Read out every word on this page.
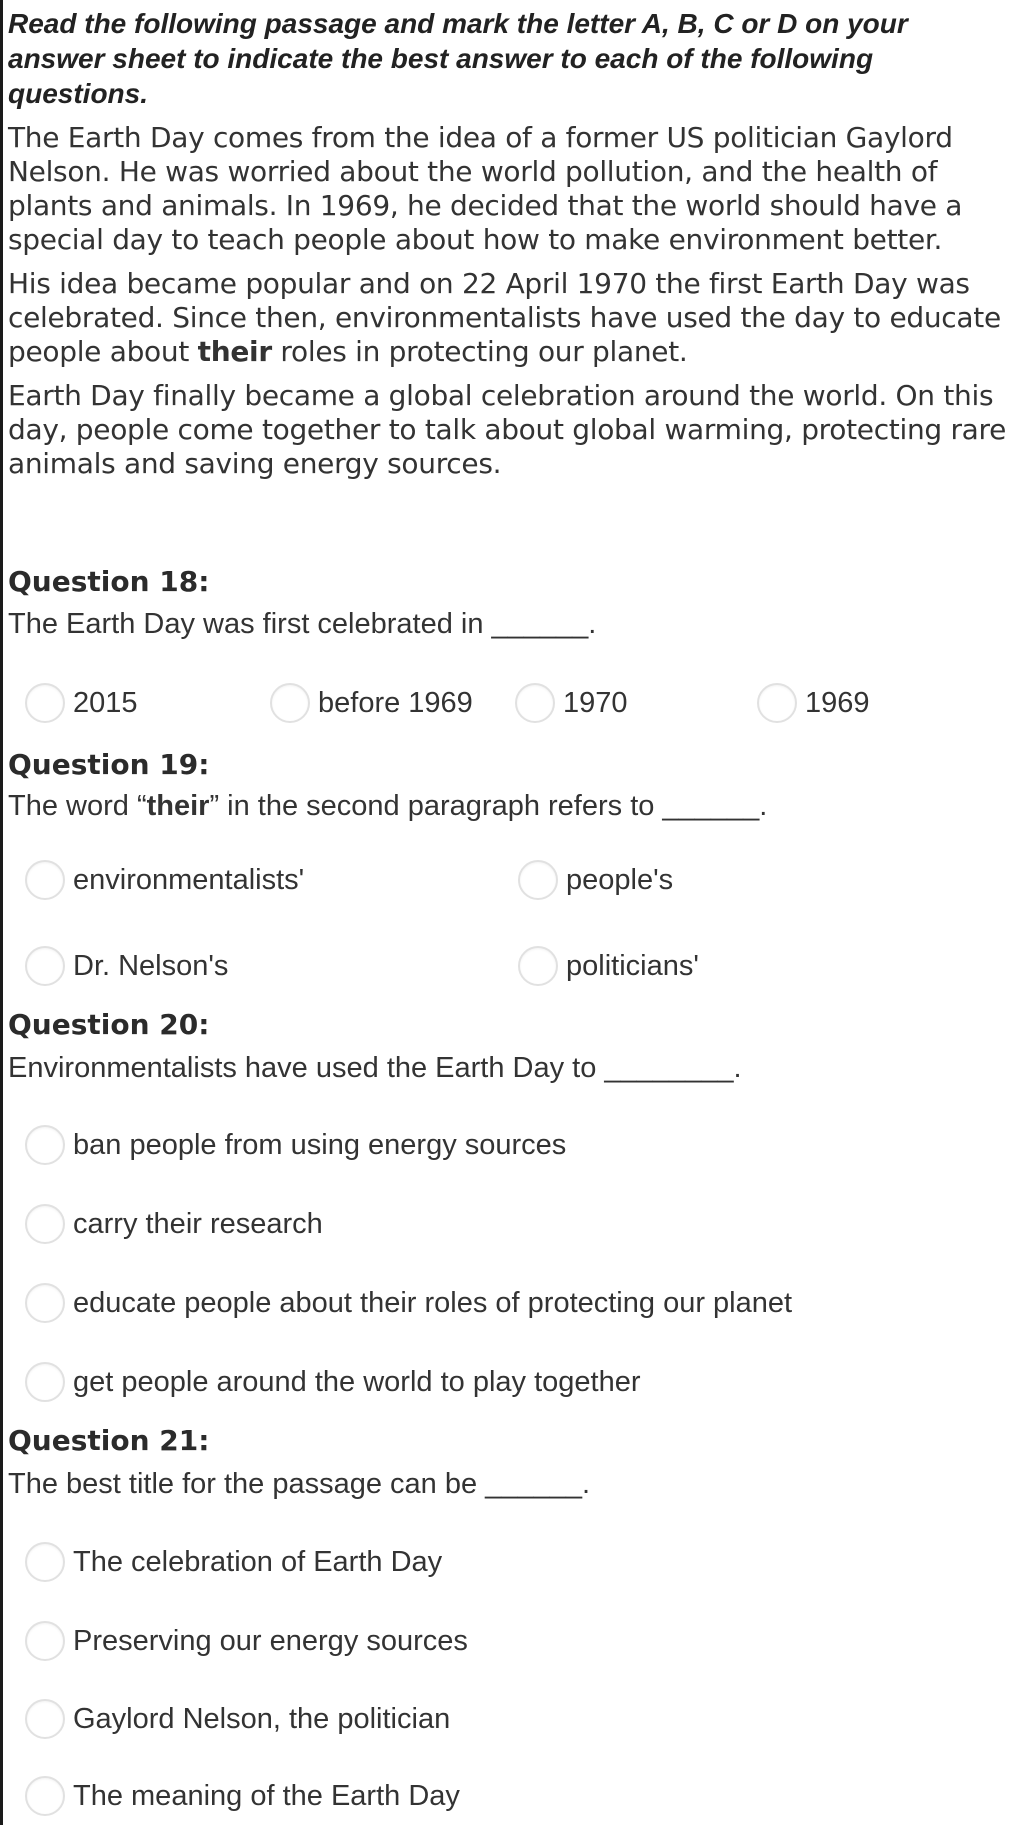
Read the following passage and mark the letter A, B, C or D on your answer sheet to indicate the best answer to each of the following questions.

The Earth Day comes from the idea of a former US politician Gaylord Nelson. He was worried about the world pollution, and the health of plants and animals. In 1969, he decided that the world should have a special day to teach people about how to make environment better.

His idea became popular and on 22 April 1970 the first Earth Day was celebrated. Since then, environmentalists have used the day to educate people about their roles in protecting our planet.

Earth Day finally became a global celebration around the world. On this day, people come together to talk about global warming, protecting rare animals and saving energy sources.

Question 18:
The Earth Day was first celebrated in ______.
2015	before 1969	1970	1969
Question 19:
The word “their” in the second paragraph refers to ______.
environmentalists'	people's
Dr. Nelson's	politicians'
Question 20:
Environmentalists have used the Earth Day to ________.
ban people from using energy sources
carry their research
educate people about their roles of protecting our planet
get people around the world to play together
Question 21:
The best title for the passage can be ______.
The celebration of Earth Day
Preserving our energy sources
Gaylord Nelson, the politician
The meaning of the Earth Day
